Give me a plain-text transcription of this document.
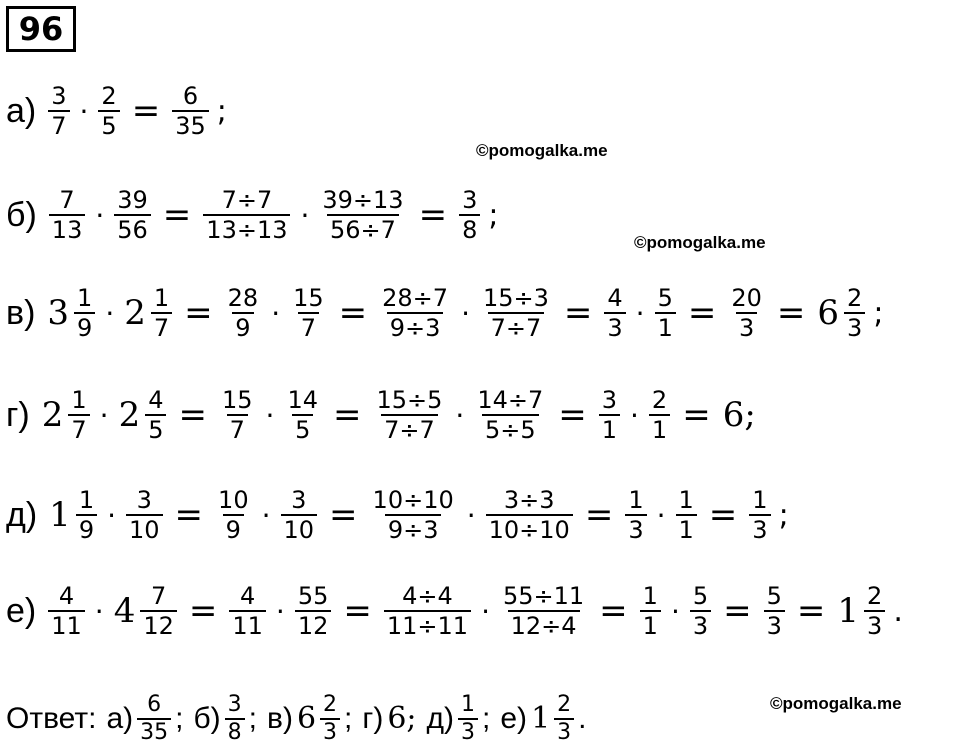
96
$а) \frac{3}{7} \cdot \frac{2}{5} = \frac{6}{35}$ ;
©pomogalka.me
$б) \frac{7}{13} \cdot \frac{39}{56} = \frac{7\div 7}{13\div 13} \cdot \frac{39\div 13}{56\div 7} = \frac{3}{8}$ ;
©pomogalka.me
в) $3 \frac{1}{9} \cdot 2 \frac{1}{7} = \frac{28}{9} \cdot \frac{15}{7} = \frac{28\div 7}{9\div 3} \cdot \frac{15\div 3}{7\div 7} = \frac{4}{3} \cdot \frac{5}{1} = \frac{20}{3} = 6 \frac{2}{3}$ ;
г) $2 \frac{1}{7} \cdot 2 \frac{4}{5} = \frac{15}{7} \cdot \frac{14}{5} = \frac{15\div 5}{7\div 7} \cdot \frac{14\div 7}{5\div 5} = \frac{3}{1} \cdot \frac{2}{1} = 6$;
д) $1 \frac{1}{9} \cdot \frac{3}{10} = \frac{10}{9} \cdot \frac{3}{10} = \frac{10\div 10}{9\div 3} \cdot \frac{3\div 3}{10\div 10} = \frac{1}{3} \cdot \frac{1}{1} = \frac{1}{3}$ ;
$е) \frac{4}{11} \cdot 4 \frac{7}{12} = \frac{4}{11} \cdot \frac{55}{12} = \frac{4\div 4}{11\div 11} \cdot \frac{55\div 11}{12\div 4} = \frac{1}{1} \cdot \frac{5}{3} = \frac{5}{3} = 1 \frac{2}{3}$ .
Ответ: $а) \frac{6}{35}$ ; $б) \frac{3}{8}$ ; в) $6 \frac{2}{3}$ ; г) 6; $д) \frac{1}{3}$ ; е) $1 \frac{2}{3}$ .	©pomogalka.me
